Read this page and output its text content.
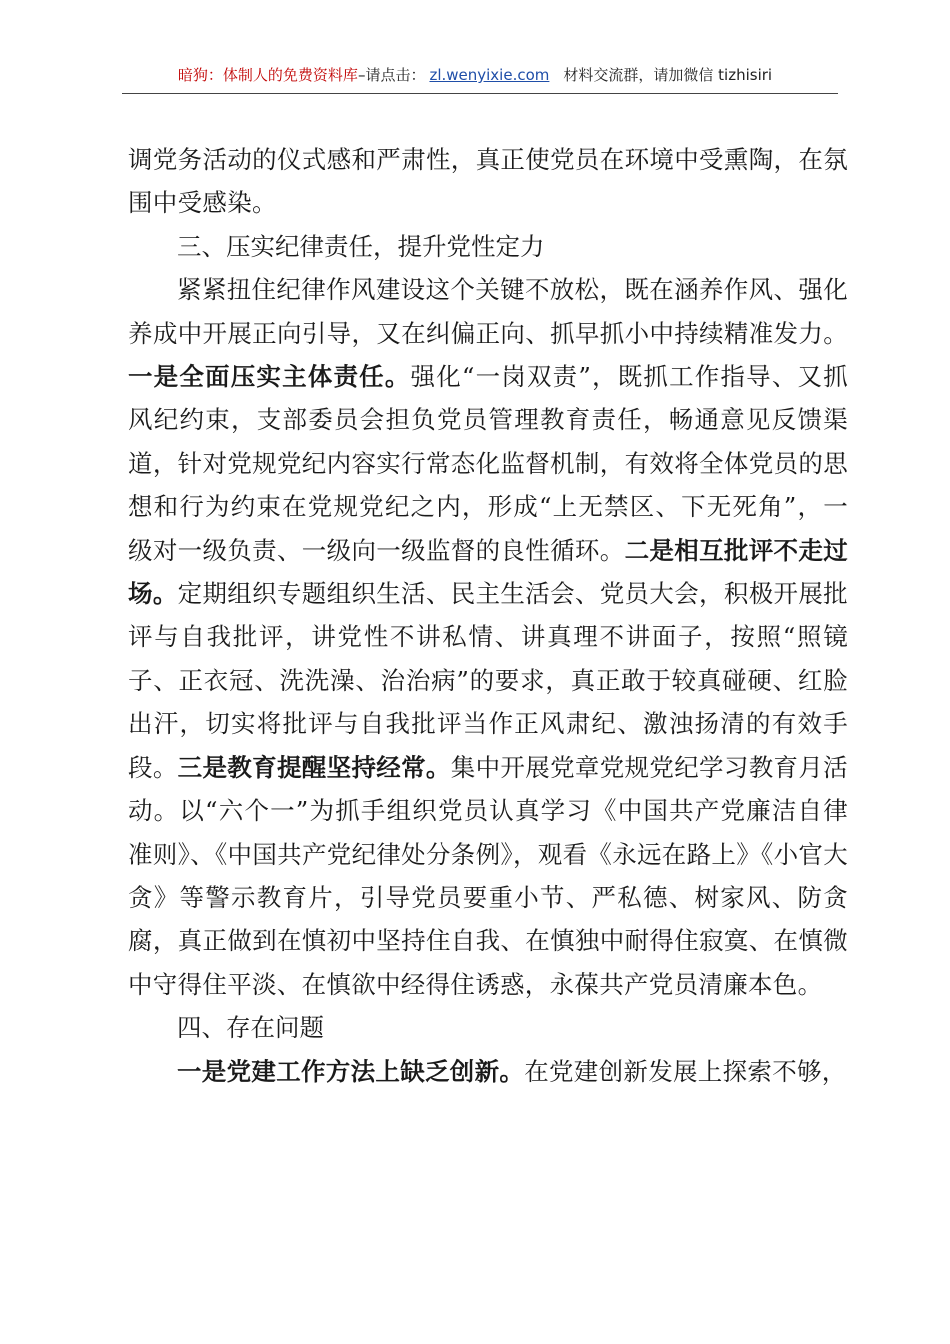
暗狗：体制人的免费资料库–请点击： zl.wenyixie.com 材料交流群，请加微信 tizhisiri

调党务活动的仪式感和严肃性，真正使党员在环境中受熏陶，在氛围中受感染。

三、压实纪律责任，提升党性定力

紧紧扭住纪律作风建设这个关键不放松，既在涵养作风、强化养成中开展正向引导，又在纠偏正向、抓早抓小中持续精准发力。一是全面压实主体责任。强化“一岗双责”，既抓工作指导、又抓风纪约束，支部委员会担负党员管理教育责任，畅通意见反馈渠道，针对党规党纪内容实行常态化监督机制，有效将全体党员的思想和行为约束在党规党纪之内，形成“上无禁区、下无死角”，一级对一级负责、一级向一级监督的良性循环。二是相互批评不走过场。定期组织专题组织生活、民主生活会、党员大会，积极开展批评与自我批评，讲党性不讲私情、讲真理不讲面子，按照“照镜子、正衣冠、洗洗澡、治治病”的要求，真正敢于较真碰硬、红脸出汗，切实将批评与自我批评当作正风肃纪、激浊扬清的有效手段。三是教育提醒坚持经常。集中开展党章党规党纪学习教育月活动。以“六个一”为抓手组织党员认真学习《中国共产党廉洁自律准则》、《中国共产党纪律处分条例》，观看《永远在路上》《小官大贪》等警示教育片，引导党员要重小节、严私德、树家风、防贪腐，真正做到在慎初中坚持住自我、在慎独中耐得住寂寞、在慎微中守得住平淡、在慎欲中经得住诱惑，永葆共产党员清廉本色。

四、存在问题

一是党建工作方法上缺乏创新。在党建创新发展上探索不够，
